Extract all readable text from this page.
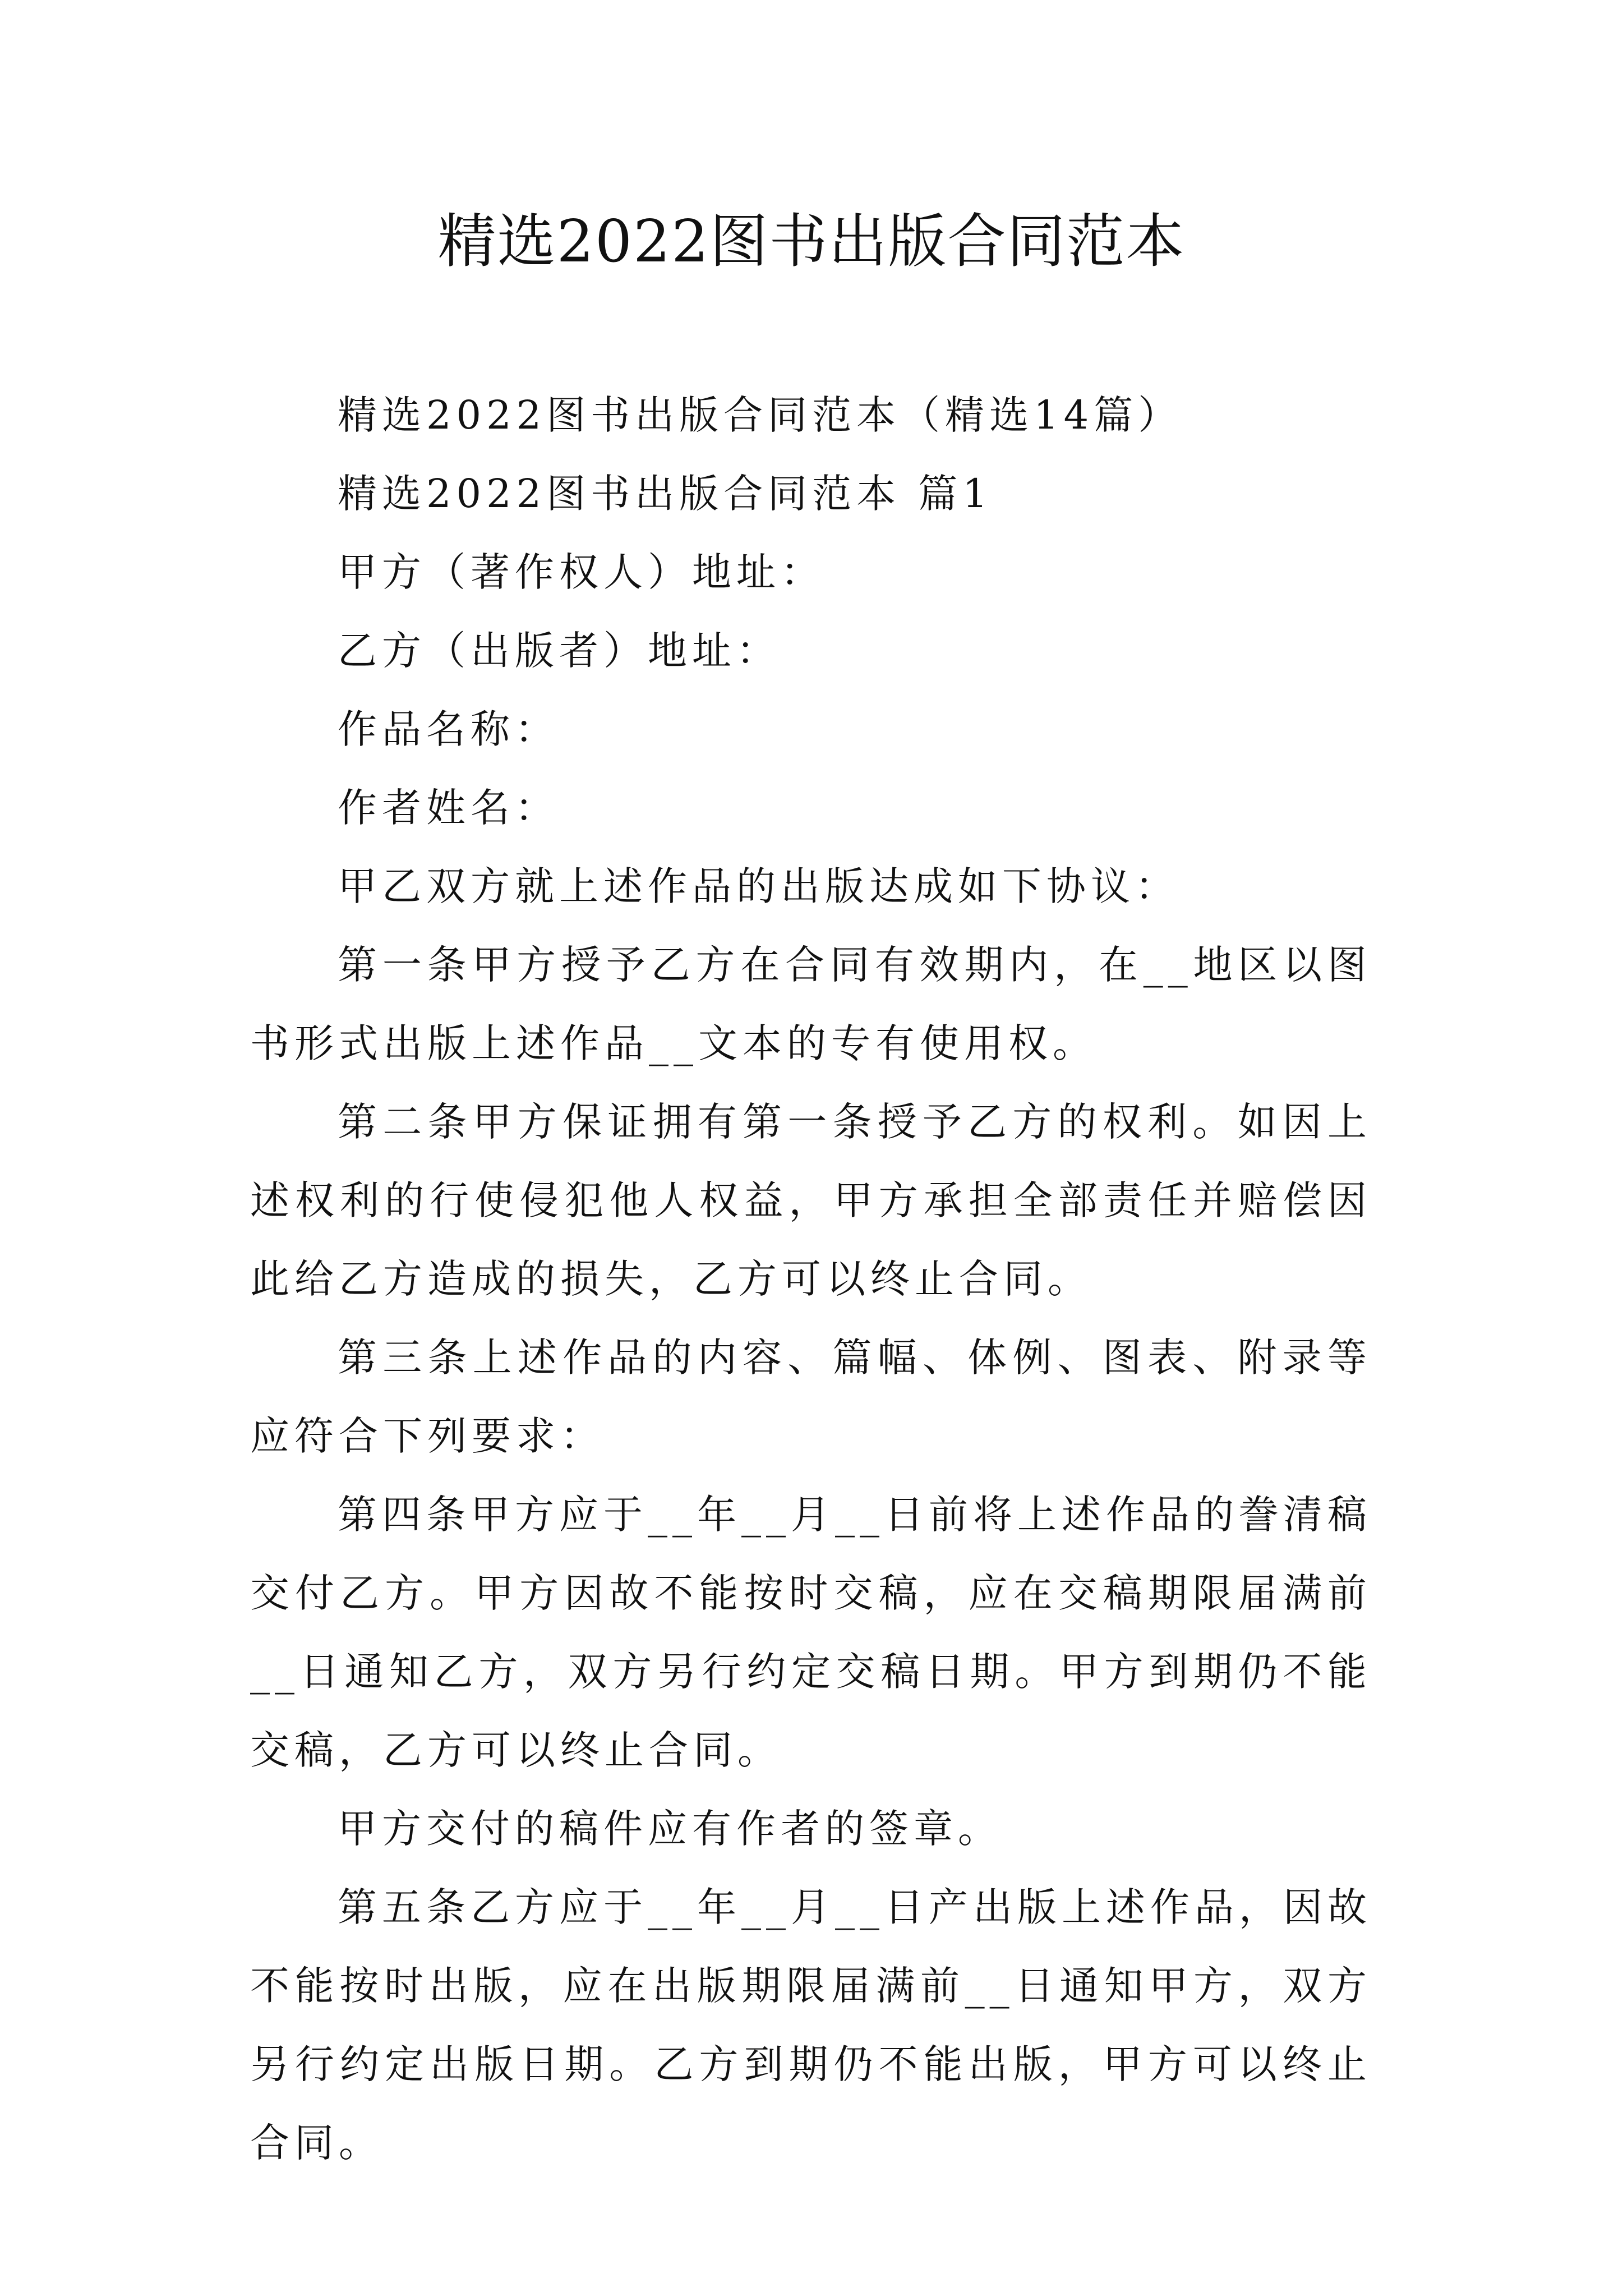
精选2022图书出版合同范本

精选2022图书出版合同范本（精选14篇）

精选2022图书出版合同范本 篇1

甲方（著作权人）地址：

乙方（出版者）地址：

作品名称：

作者姓名：

甲乙双方就上述作品的出版达成如下协议：

第一条甲方授予乙方在合同有效期内，在__地区以图书形式出版上述作品__文本的专有使用权。

第二条甲方保证拥有第一条授予乙方的权利。如因上述权利的行使侵犯他人权益，甲方承担全部责任并赔偿因此给乙方造成的损失，乙方可以终止合同。

第三条上述作品的内容、篇幅、体例、图表、附录等应符合下列要求：

第四条甲方应于__年__月__日前将上述作品的誊清稿交付乙方。甲方因故不能按时交稿，应在交稿期限届满前__日通知乙方，双方另行约定交稿日期。甲方到期仍不能交稿，乙方可以终止合同。

甲方交付的稿件应有作者的签章。

第五条乙方应于__年__月__日产出版上述作品，因故不能按时出版，应在出版期限届满前__日通知甲方，双方另行约定出版日期。乙方到期仍不能出版，甲方可以终止合同。
